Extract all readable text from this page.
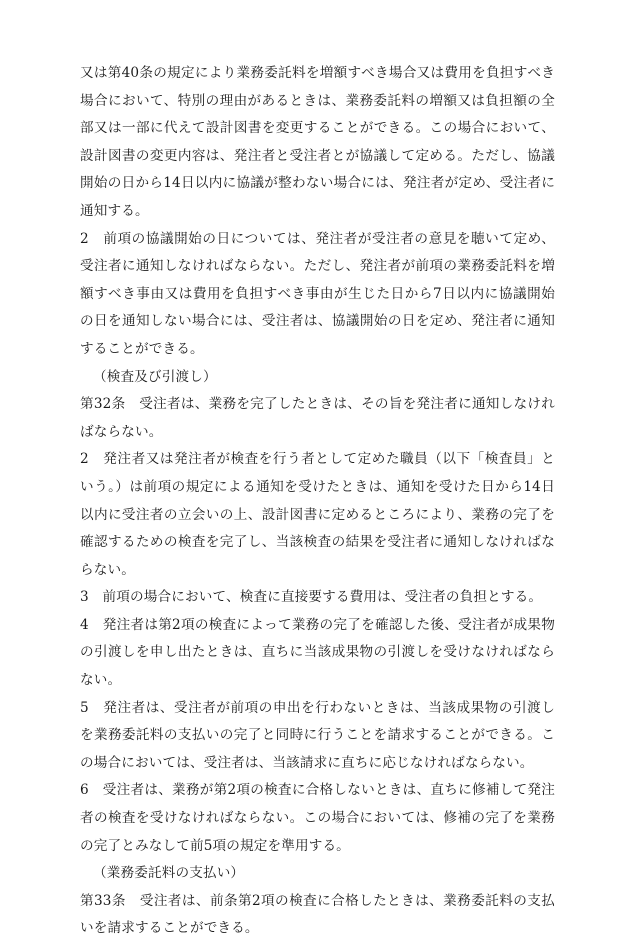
又は第40条の規定により業務委託料を増額すべき場合又は費用を負担すべき場合において、特別の理由があるときは、業務委託料の増額又は負担額の全部又は一部に代えて設計図書を変更することができる。この場合において、設計図書の変更内容は、発注者と受注者とが協議して定める。ただし、協議開始の日から14日以内に協議が整わない場合には、発注者が定め、受注者に通知する。

2　前項の協議開始の日については、発注者が受注者の意見を聴いて定め、受注者に通知しなければならない。ただし、発注者が前項の業務委託料を増額すべき事由又は費用を負担すべき事由が生じた日から7日以内に協議開始の日を通知しない場合には、受注者は、協議開始の日を定め、発注者に通知することができる。

（検査及び引渡し）

第32条　受注者は、業務を完了したときは、その旨を発注者に通知しなければならない。

2　発注者又は発注者が検査を行う者として定めた職員（以下「検査員」という。）は前項の規定による通知を受けたときは、通知を受けた日から14日以内に受注者の立会いの上、設計図書に定めるところにより、業務の完了を確認するための検査を完了し、当該検査の結果を受注者に通知しなければならない。

3　前項の場合において、検査に直接要する費用は、受注者の負担とする。

4　発注者は第2項の検査によって業務の完了を確認した後、受注者が成果物の引渡しを申し出たときは、直ちに当該成果物の引渡しを受けなければならない。

5　発注者は、受注者が前項の申出を行わないときは、当該成果物の引渡しを業務委託料の支払いの完了と同時に行うことを請求することができる。この場合においては、受注者は、当該請求に直ちに応じなければならない。

6　受注者は、業務が第2項の検査に合格しないときは、直ちに修補して発注者の検査を受けなければならない。この場合においては、修補の完了を業務の完了とみなして前5項の規定を準用する。

（業務委託料の支払い）

第33条　受注者は、前条第2項の検査に合格したときは、業務委託料の支払いを請求することができる。
